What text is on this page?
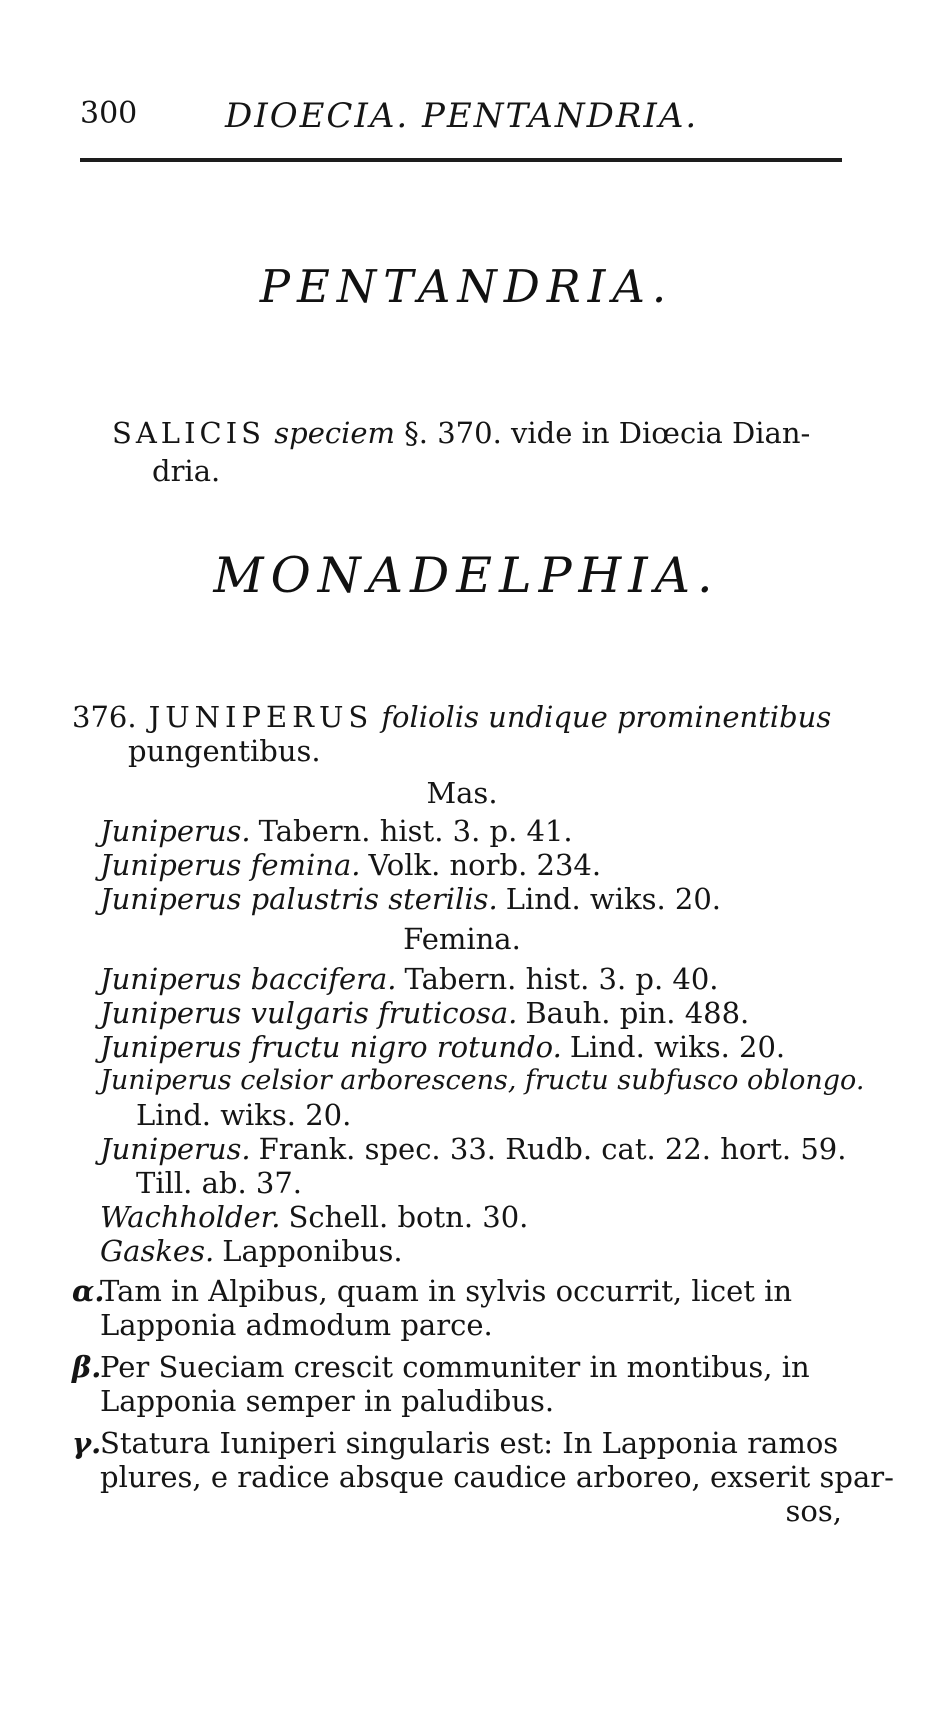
300	DIOECIA. PENTANDRIA.
PENTANDRIA.
SALICIS speciem §. 370. vide in Diœcia Dian-
dria.
MONADELPHIA.
376. JUNIPERUS foliolis undique prominentibus
pungentibus.
Mas.
Juniperus. Tabern. hist. 3. p. 41.
Juniperus femina. Volk. norb. 234.
Juniperus palustris sterilis. Lind. wiks. 20.
Femina.
Juniperus baccifera. Tabern. hist. 3. p. 40.
Juniperus vulgaris fruticosa. Bauh. pin. 488.
Juniperus fructu nigro rotundo. Lind. wiks. 20.
Juniperus celsior arborescens, fructu subfusco oblongo.
Lind. wiks. 20.
Juniperus. Frank. spec. 33. Rudb. cat. 22. hort. 59.
Till. ab. 37.
Wachholder. Schell. botn. 30.
Gaskes. Lapponibus.
α.Tam in Alpibus, quam in sylvis occurrit, licet in
Lapponia admodum parce.
β.Per Sueciam crescit communiter in montibus, in
Lapponia semper in paludibus.
γ.Statura Iuniperi singularis est: In Lapponia ramos
plures, e radice absque caudice arboreo, exserit spar-
sos,
